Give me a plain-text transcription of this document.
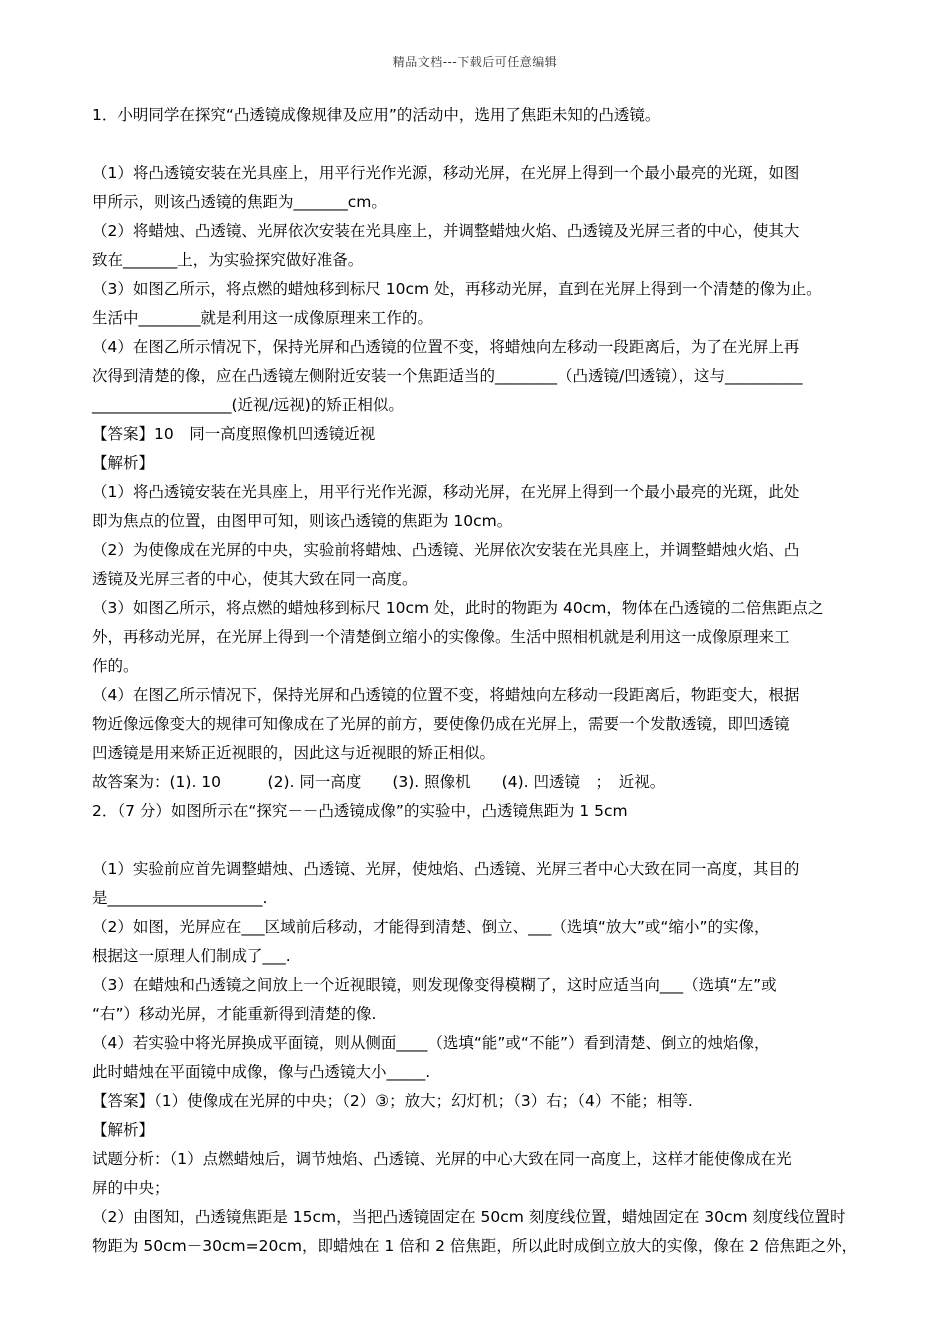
精品文档---下载后可任意编辑
1．小明同学在探究“凸透镜成像规律及应用”的活动中，选用了焦距未知的凸透镜。
（1）将凸透镜安装在光具座上，用平行光作光源，移动光屏，在光屏上得到一个最小最亮的光斑，如图
甲所示，则该凸透镜的焦距为_______cm。
（2）将蜡烛、凸透镜、光屏依次安装在光具座上，并调整蜡烛火焰、凸透镜及光屏三者的中心，使其大
致在_______上，为实验探究做好准备。
（3）如图乙所示，将点燃的蜡烛移到标尺 10cm 处，再移动光屏，直到在光屏上得到一个清楚的像为止。
生活中________就是利用这一成像原理来工作的。
（4）在图乙所示情况下，保持光屏和凸透镜的位置不变，将蜡烛向左移动一段距离后，为了在光屏上再
次得到清楚的像，应在凸透镜左侧附近安装一个焦距适当的________（凸透镜/凹透镜），这与__________
__________________(近视/远视)的矫正相似。
【答案】10　同一高度照像机凹透镜近视
【解析】
（1）将凸透镜安装在光具座上，用平行光作光源，移动光屏，在光屏上得到一个最小最亮的光斑，此处
即为焦点的位置，由图甲可知，则该凸透镜的焦距为 10cm。
（2）为使像成在光屏的中央，实验前将蜡烛、凸透镜、光屏依次安装在光具座上，并调整蜡烛火焰、凸
透镜及光屏三者的中心，使其大致在同一高度。
（3）如图乙所示，将点燃的蜡烛移到标尺 10cm 处，此时的物距为 40cm，物体在凸透镜的二倍焦距点之
外，再移动光屏，在光屏上得到一个清楚倒立缩小的实像像。生活中照相机就是利用这一成像原理来工
作的。
（4）在图乙所示情况下，保持光屏和凸透镜的位置不变，将蜡烛向左移动一段距离后，物距变大，根据
物近像远像变大的规律可知像成在了光屏的前方，要使像仍成在光屏上，需要一个发散透镜，即凹透镜
凹透镜是用来矫正近视眼的，因此这与近视眼的矫正相似。
故答案为：(1). 10　　　(2). 同一高度　　(3). 照像机　　(4). 凹透镜　；　近视。
2．（7 分）如图所示在“探究－－凸透镜成像”的实验中，凸透镜焦距为 1 5cm
（1）实验前应首先调整蜡烛、凸透镜、光屏，使烛焰、凸透镜、光屏三者中心大致在同一高度，其目的
是____________________.
（2）如图，光屏应在___区域前后移动，才能得到清楚、倒立、___（选填“放大”或“缩小”的实像，
根据这一原理人们制成了___.
（3）在蜡烛和凸透镜之间放上一个近视眼镜，则发现像变得模糊了，这时应适当向___（选填“左”或
“右”）移动光屏，才能重新得到清楚的像.
（4）若实验中将光屏换成平面镜，则从侧面____（选填“能”或“不能”）看到清楚、倒立的烛焰像，
此时蜡烛在平面镜中成像，像与凸透镜大小_____.
【答案】（1）使像成在光屏的中央；（2）③；放大；幻灯机；（3）右；（4）不能；相等.
【解析】
试题分析：（1）点燃蜡烛后，调节烛焰、凸透镜、光屏的中心大致在同一高度上，这样才能使像成在光
屏的中央；
（2）由图知，凸透镜焦距是 15cm，当把凸透镜固定在 50cm 刻度线位置，蜡烛固定在 30cm 刻度线位置时
物距为 50cm－30cm=20cm，即蜡烛在 1 倍和 2 倍焦距，所以此时成倒立放大的实像，像在 2 倍焦距之外，
